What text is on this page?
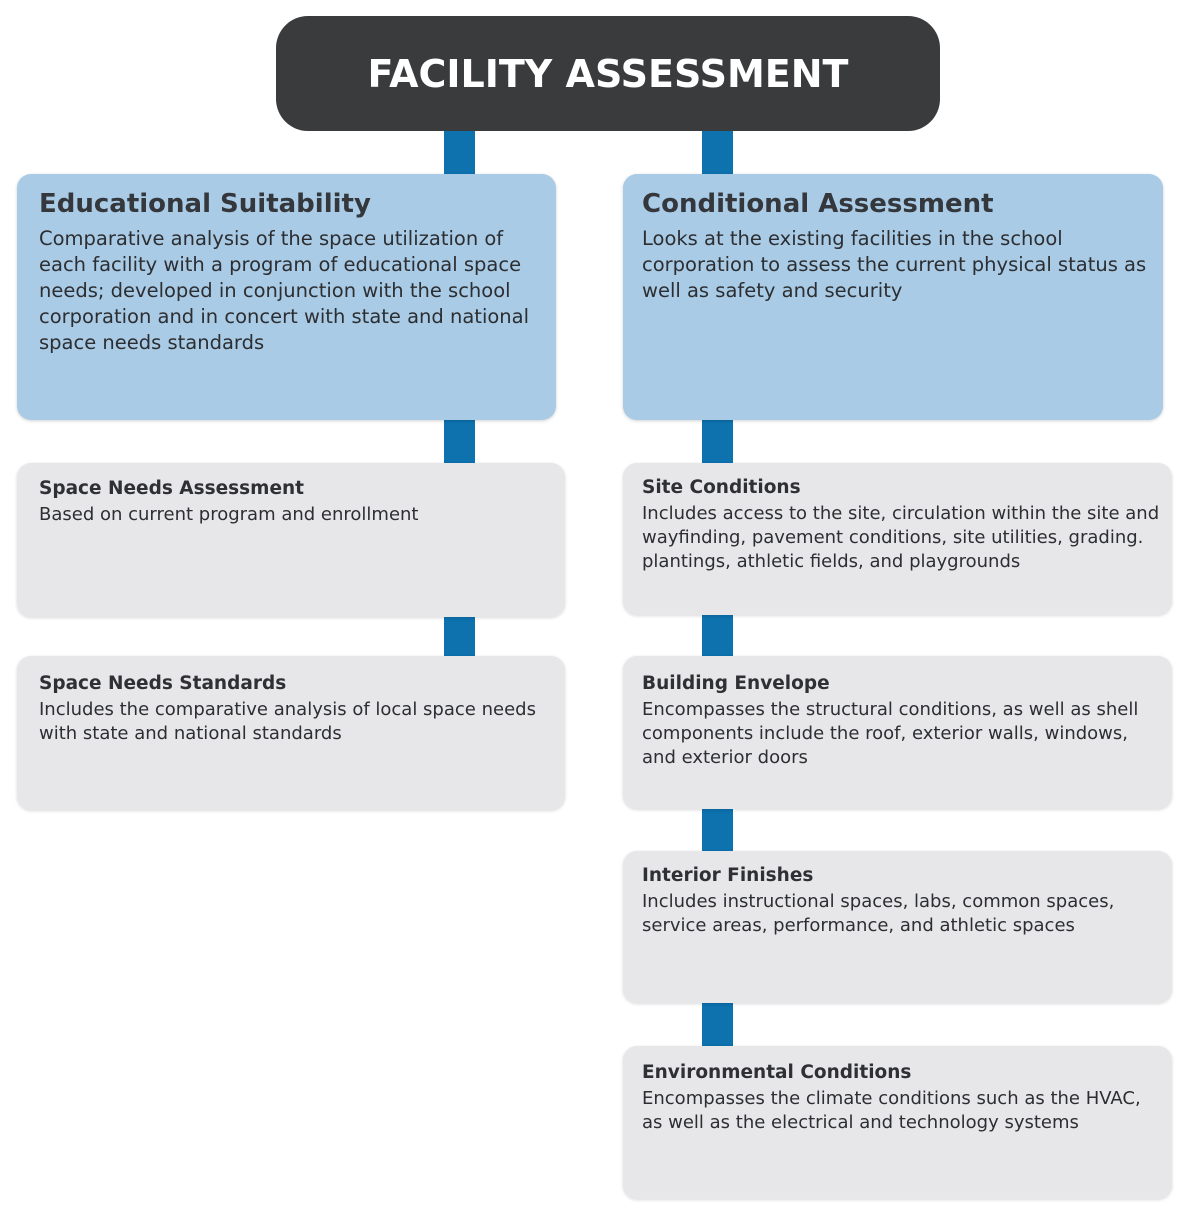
FACILITY ASSESSMENT
Educational Suitability

Comparative analysis of the space utilization of each facility with a program of educational space needs; developed in conjunction with the school corporation and in concert with state and national space needs standards

Conditional Assessment

Looks at the existing facilities in the school corporation to assess the current physical status as well as safety and security

Space Needs Assessment

Based on current program and enrollment

Space Needs Standards

Includes the comparative analysis of local space needs with state and national standards

Site Conditions

Includes access to the site, circulation within the site and wayfinding, pavement conditions, site utilities, grading. plantings, athletic fields, and playgrounds

Building Envelope

Encompasses the structural conditions, as well as shell components include the roof, exterior walls, windows, and exterior doors

Interior Finishes

Includes instructional spaces, labs, common spaces, service areas, performance, and athletic spaces

Environmental Conditions

Encompasses the climate conditions such as the HVAC, as well as the electrical and technology systems
